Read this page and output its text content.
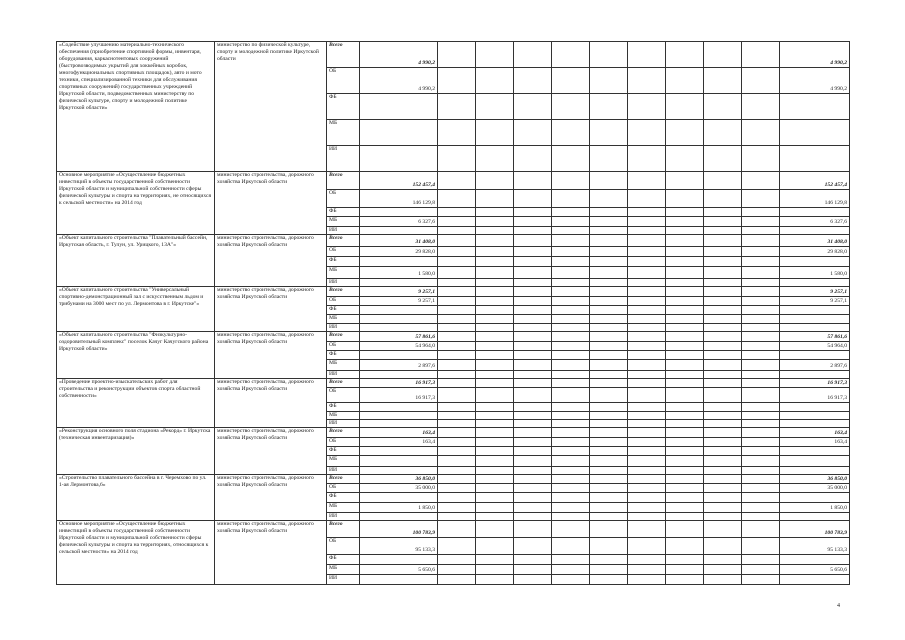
«Содействие улучшению материально-технического обеспечения (приобретение спортивной формы, инвентаря, оборудования, каркаснотентовых сооружений (быстровозводимых укрытий для хоккейных коробок, многофункциональных спортивных площадок), авто и мото техники, специализированной техники для обслуживания спортивных сооружений) государственных учреждений Иркутской области, подведомственных министерству по физической культуре, спорту и молодежной политике Иркутской области»	министерство по физической культуре, спорту и молодежной политике Иркутской области	Всего	4 990,2										4 990,2
		ОБ	4 990,2										4 990,2
		ФБ											
		МБ											
		ИИ											
Основное мероприятие «Осуществление бюджетных инвестиций в объекты государственной собственности Иркутской области и муниципальной собственности сферы физической культуры и спорта на территориях, не относящихся к сельской местности» на 2014 год	министерство строительства, дорожного хозяйства Иркутской области	Всего	152 457,4										152 457,4
		ОБ	146 129,8										146 129,8
		ФБ											
		МБ	6 327,6										6 327,6
		ИИ											
«Объект капитального строительства "Плавательный бассейн, Иркутская область, г. Тулун, ул. Урицкого, 13А"»	министерство строительства, дорожного хозяйства Иркутской области	Всего	31 408,0										31 408,0
		ОБ	29 828,0										29 828,0
		ФБ											
		МБ	1 580,0										1 580,0
		ИИ											
«Объект капитального строительства "Универсальный спортивно-демонстрационный зал с искусственным льдом и трибунами на 3000 мест по ул. Лермонтова в г. Иркутске"»	министерство строительства, дорожного хозяйства Иркутской области	Всего	9 257,1										9 257,1
		ОБ	9 257,1										9 257,1
		ФБ											
		МБ											
		ИИ											
«Объект капитального строительства "Физкультурно-оздоровительный комплекс" поселок Качуг Качугского района Иркутской области»	министерство строительства, дорожного хозяйства Иркутской области	Всего	57 861,6										57 861,6
		ОБ	54 964,0										54 964,0
		ФБ											
		МБ	2 897,6										2 897,6
		ИИ											
«Проведение проектно-изыскательских работ для строительства и реконструкции объектов спорта областной собственности»	министерство строительства, дорожного хозяйства Иркутской области	Всего	16 917,3										16 917,3
		ОБ	16 917,3										16 917,3
		ФБ											
		МБ											
		ИИ											
«Реконструкция основного поля стадиона «Рекорд» г. Иркутска (техническая инвентаризация)»	министерство строительства, дорожного хозяйства Иркутской области	Всего	163,4										163,4
		ОБ	163,4										163,4
		ФБ											
		МБ											
		ИИ											
«Строительство плавательного бассейна в г. Черемхово по ул. 1-ая Лермонтова,6»	министерство строительства, дорожного хозяйства Иркутской области	Всего	36 850,0										36 850,0
		ОБ	35 000,0										35 000,0
		ФБ											
		МБ	1 850,0										1 850,0
		ИИ											
Основное мероприятие «Осуществление бюджетных инвестиций в объекты государственной собственности Иркутской области и муниципальной собственности сферы физической культуры и спорта на территориях, относящихся к сельской местности» на 2014 год	министерство строительства, дорожного хозяйства Иркутской области	Всего	100 783,9										100 783,9
		ОБ	95 133,3										95 133,3
		ФБ											
		МБ	5 650,6										5 650,6
		ИИ											
4
